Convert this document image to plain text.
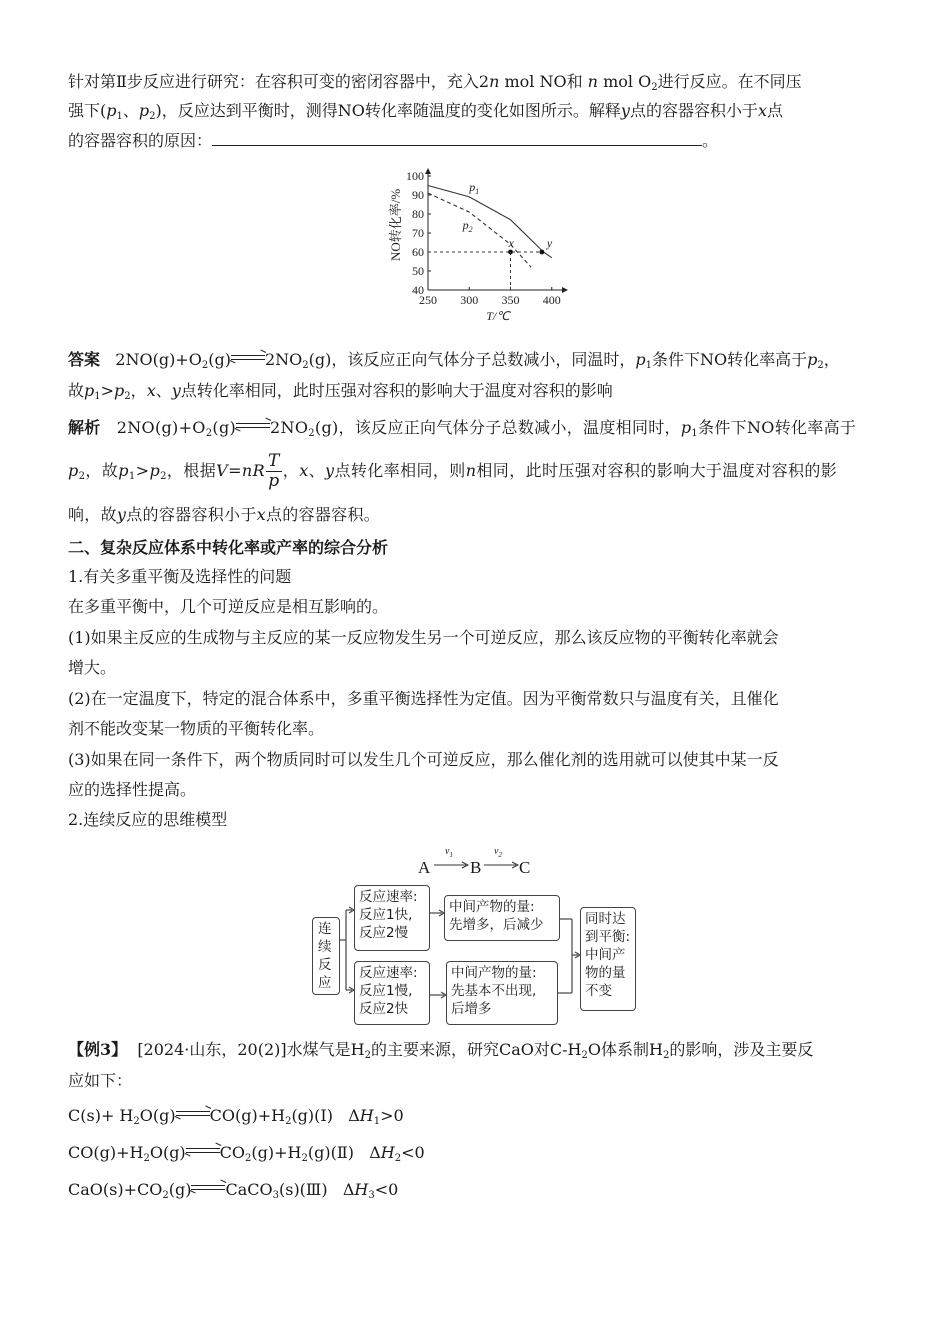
针对第Ⅱ步反应进行研究：在容积可变的密闭容器中，充入2n mol NO和 n mol $O_2$进行反应。在不同压
强下($p_1$、$p_2$)，反应达到平衡时，测得NO转化率随温度的变化如图所示。解释y点的容器容积小于x点
的容器容积的原因：	。
250 300 350 400
40
50
60
70
80
90
100
NO转化率/%
T/℃
$p_1$
$p_2$
x	y
答案 $2NO(g)+O_2(g)$ $2NO_2(g)$，该反应正向气体分子总数减小，同温时，$p_1$条件下NO转化率高于$p_2$，
故$p_1>p_2$，x、y点转化率相同，此时压强对容积的影响大于温度对容积的影响
解析 $2NO(g)+O_2(g)$ $2NO_2(g)$，该反应正向气体分子总数减小，温度相同时，$p_1$条件下NO转化率高于
$p_2$，故$p_1>p_2$，根据$V=nR \frac{T}{p}$ ，x、y点转化率相同，则n相同，此时压强对容积的影响大于温度对容积的影
响，故y点的容器容积小于x点的容器容积。
二、复杂反应体系中转化率或产率的综合分析
1.有关多重平衡及选择性的问题
在多重平衡中，几个可逆反应是相互影响的。
(1)如果主反应的生成物与主反应的某一反应物发生另一个可逆反应，那么该反应物的平衡转化率就会
增大。
(2)在一定温度下，特定的混合体系中，多重平衡选择性为定值。因为平衡常数只与温度有关，且催化
剂不能改变某一物质的平衡转化率。
(3)如果在同一条件下，两个物质同时可以发生几个可逆反应，那么催化剂的选用就可以使其中某一反
应的选择性提高。
2.连续反应的思维模型
A
$v_1$
B
$v_2$
C
连
续
反
应
反应速率:
反应1快,
反应2慢
中间产物的量:
先增多，后减少
反应速率:
反应1慢,
反应2快
中间产物的量:
先基本不出现,
后增多
同时达
到平衡:
中间产
物的量
不变
【例3】 [2024·山东，20(2)]水煤气是$H_2$的主要来源，研究CaO对$C-H_2O$体系制$H_2$的影响，涉及主要反
应如下：
$C(s)+ H_2O(g)$ $CO(g)+H_2(g)(Ⅰ)$ $\Delta H_1>0$
$CO(g)+H_2O(g)$ $CO_2(g)+H_2(g)(Ⅱ)$ $\Delta H_2<0$
$CaO(s)+CO_2(g)$ CaCO$_3$(s)(Ⅲ) $\Delta H_3<0$
